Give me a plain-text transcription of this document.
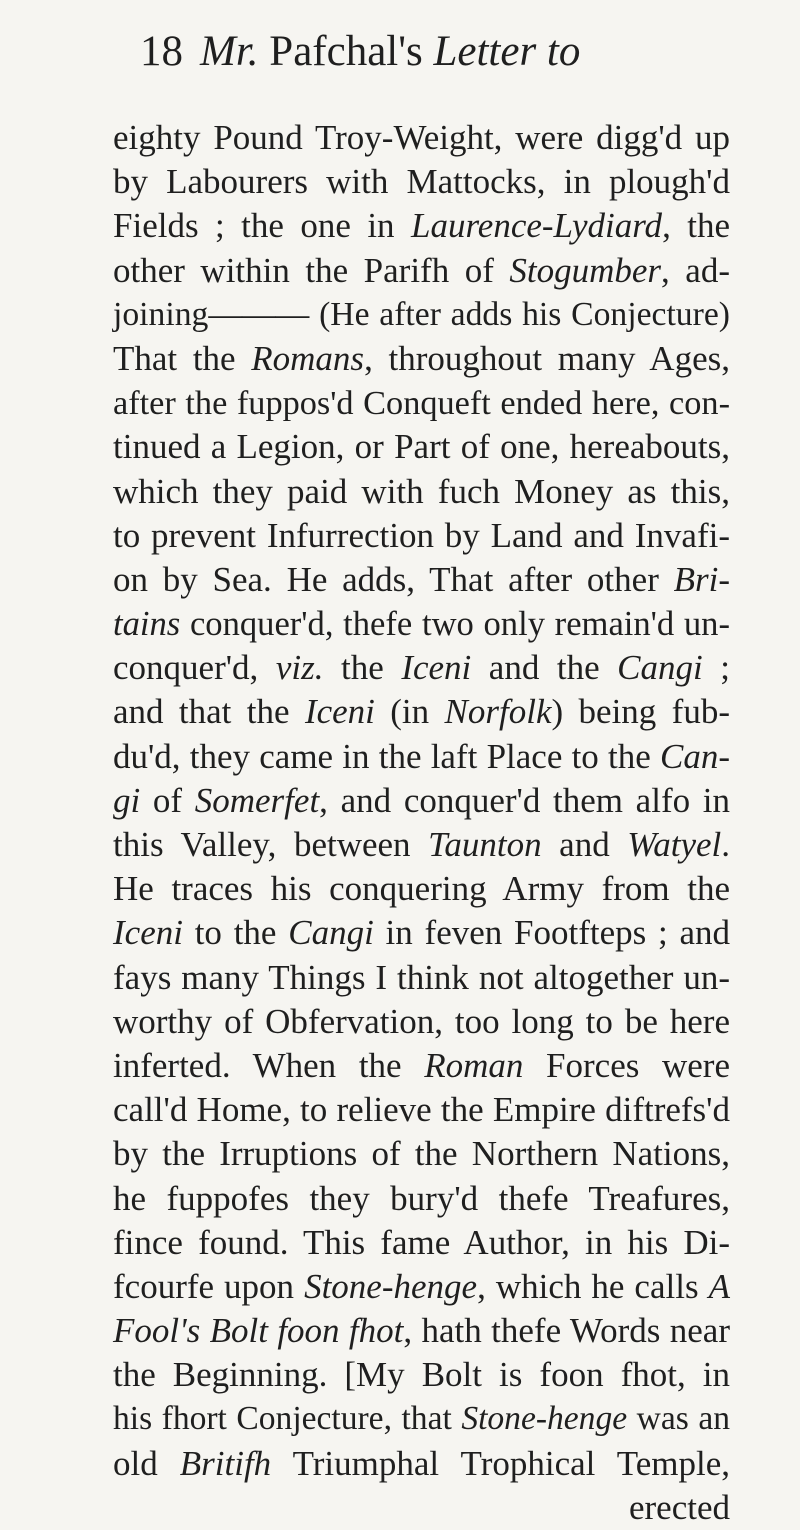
18 Mr. Pafchal's Letter to
eighty Pound Troy-Weight, were digg'd up
by Labourers with Mattocks, in plough'd
Fields ; the one in Laurence-Lydiard, the
other within the Parifh of Stogumber, ad-
joining——— (He after adds his Conjecture)
That the Romans, throughout many Ages,
after the fuppos'd Conqueft ended here, con-
tinued a Legion, or Part of one, hereabouts,
which they paid with fuch Money as this,
to prevent Infurrection by Land and Invafi-
on by Sea. He adds, That after other Bri-
tains conquer'd, thefe two only remain'd un-
conquer'd, viz. the Iceni and the Cangi ;
and that the Iceni (in Norfolk) being fub-
du'd, they came in the laft Place to the Can-
gi of Somerfet, and conquer'd them alfo in
this Valley, between Taunton and Watyel.
He traces his conquering Army from the
Iceni to the Cangi in feven Footfteps ; and
fays many Things I think not altogether un-
worthy of Obfervation, too long to be here
inferted. When the Roman Forces were
call'd Home, to relieve the Empire diftrefs'd
by the Irruptions of the Northern Nations,
he fuppofes they bury'd thefe Treafures,
fince found. This fame Author, in his Di-
fcourfe upon Stone-henge, which he calls A
Fool's Bolt foon fhot, hath thefe Words near
the Beginning. [My Bolt is foon fhot, in
his fhort Conjecture, that Stone-henge was an
old Britifh Triumphal Trophical Temple,
erected
